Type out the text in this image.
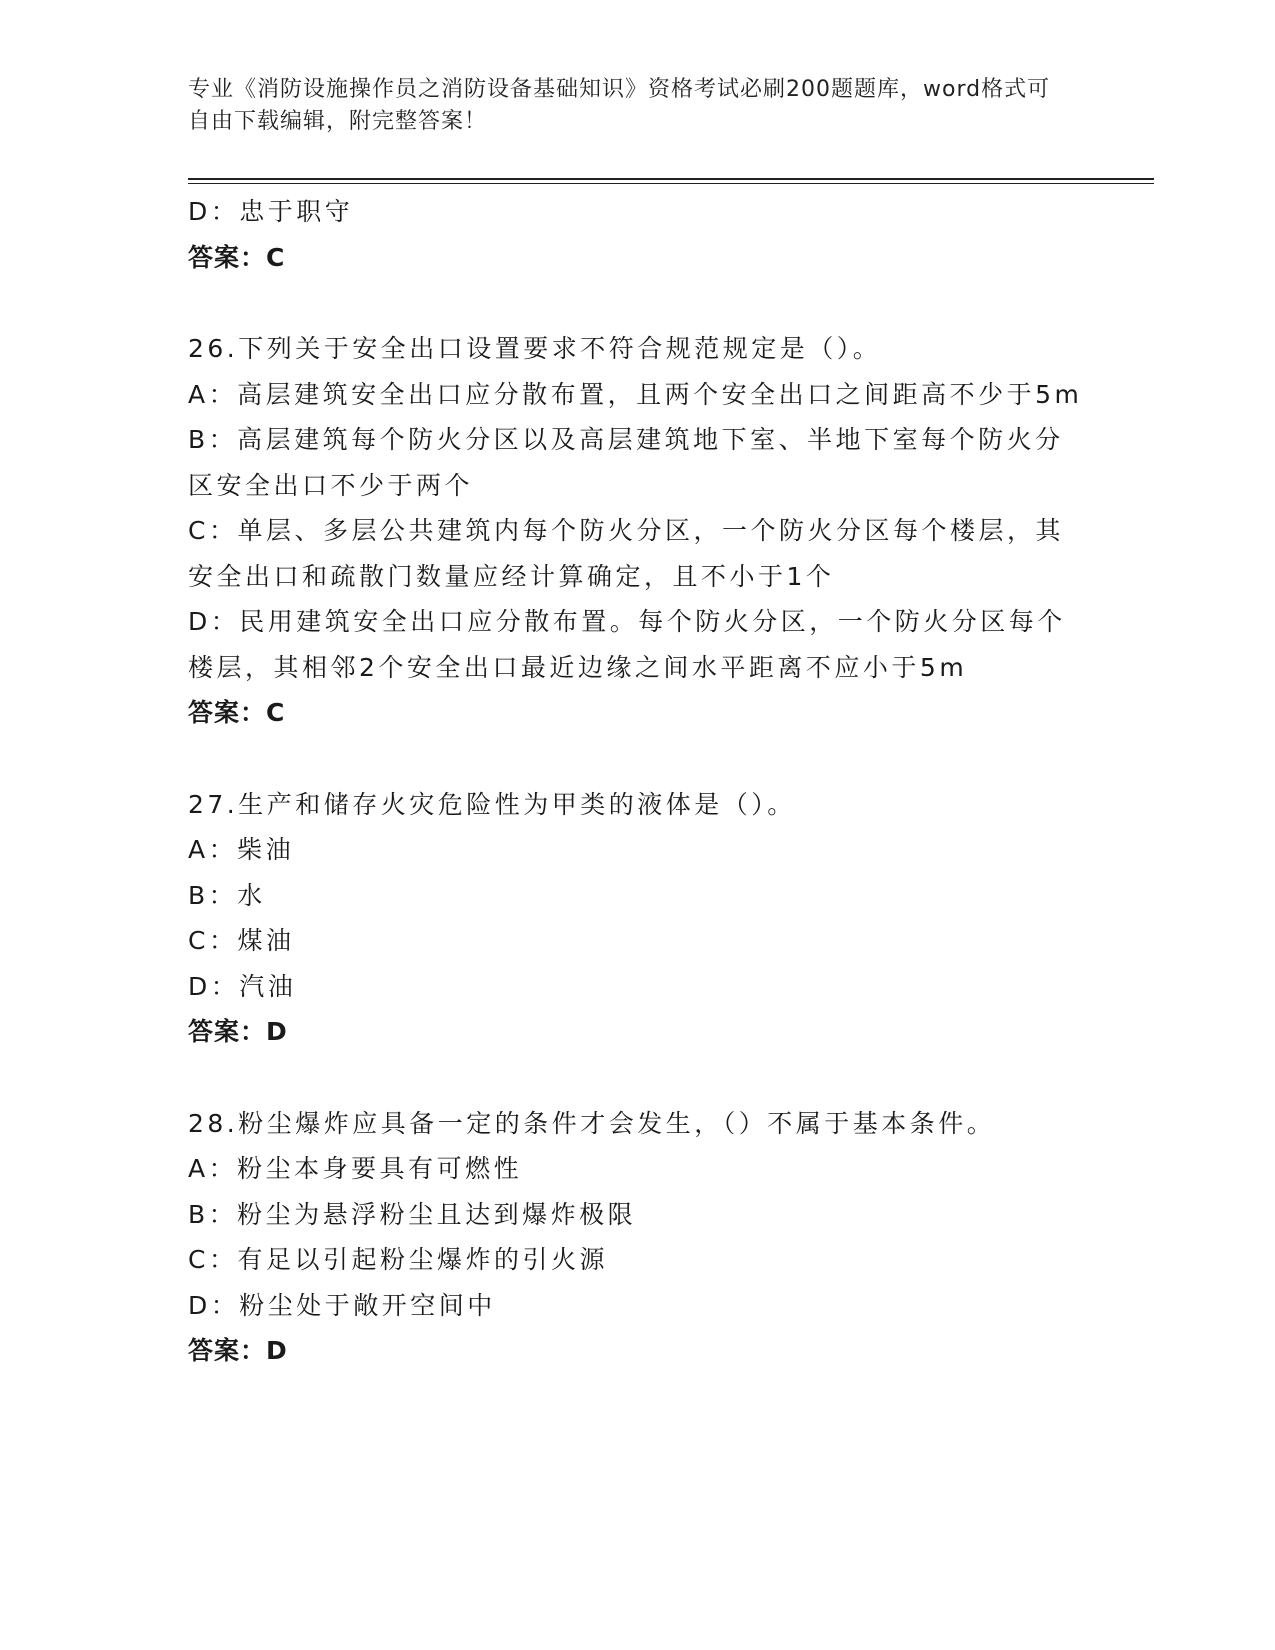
专业《消防设施操作员之消防设备基础知识》资格考试必刷200题题库，word格式可自由下载编辑，附完整答案！

D：忠于职守

答案：C

26.下列关于安全出口设置要求不符合规范规定是（）。

A：高层建筑安全出口应分散布置，且两个安全出口之间距高不少于5m

B：高层建筑每个防火分区以及高层建筑地下室、半地下室每个防火分区安全出口不少于两个

C：单层、多层公共建筑内每个防火分区，一个防火分区每个楼层，其安全出口和疏散门数量应经计算确定，且不小于1个

D：民用建筑安全出口应分散布置。每个防火分区，一个防火分区每个楼层，其相邻2个安全出口最近边缘之间水平距离不应小于5m

答案：C

27.生产和储存火灾危险性为甲类的液体是（）。

A：柴油

B：水

C：煤油

D：汽油

答案：D

28.粉尘爆炸应具备一定的条件才会发生，（）不属于基本条件。

A：粉尘本身要具有可燃性

B：粉尘为悬浮粉尘且达到爆炸极限

C：有足以引起粉尘爆炸的引火源

D：粉尘处于敞开空间中

答案：D
